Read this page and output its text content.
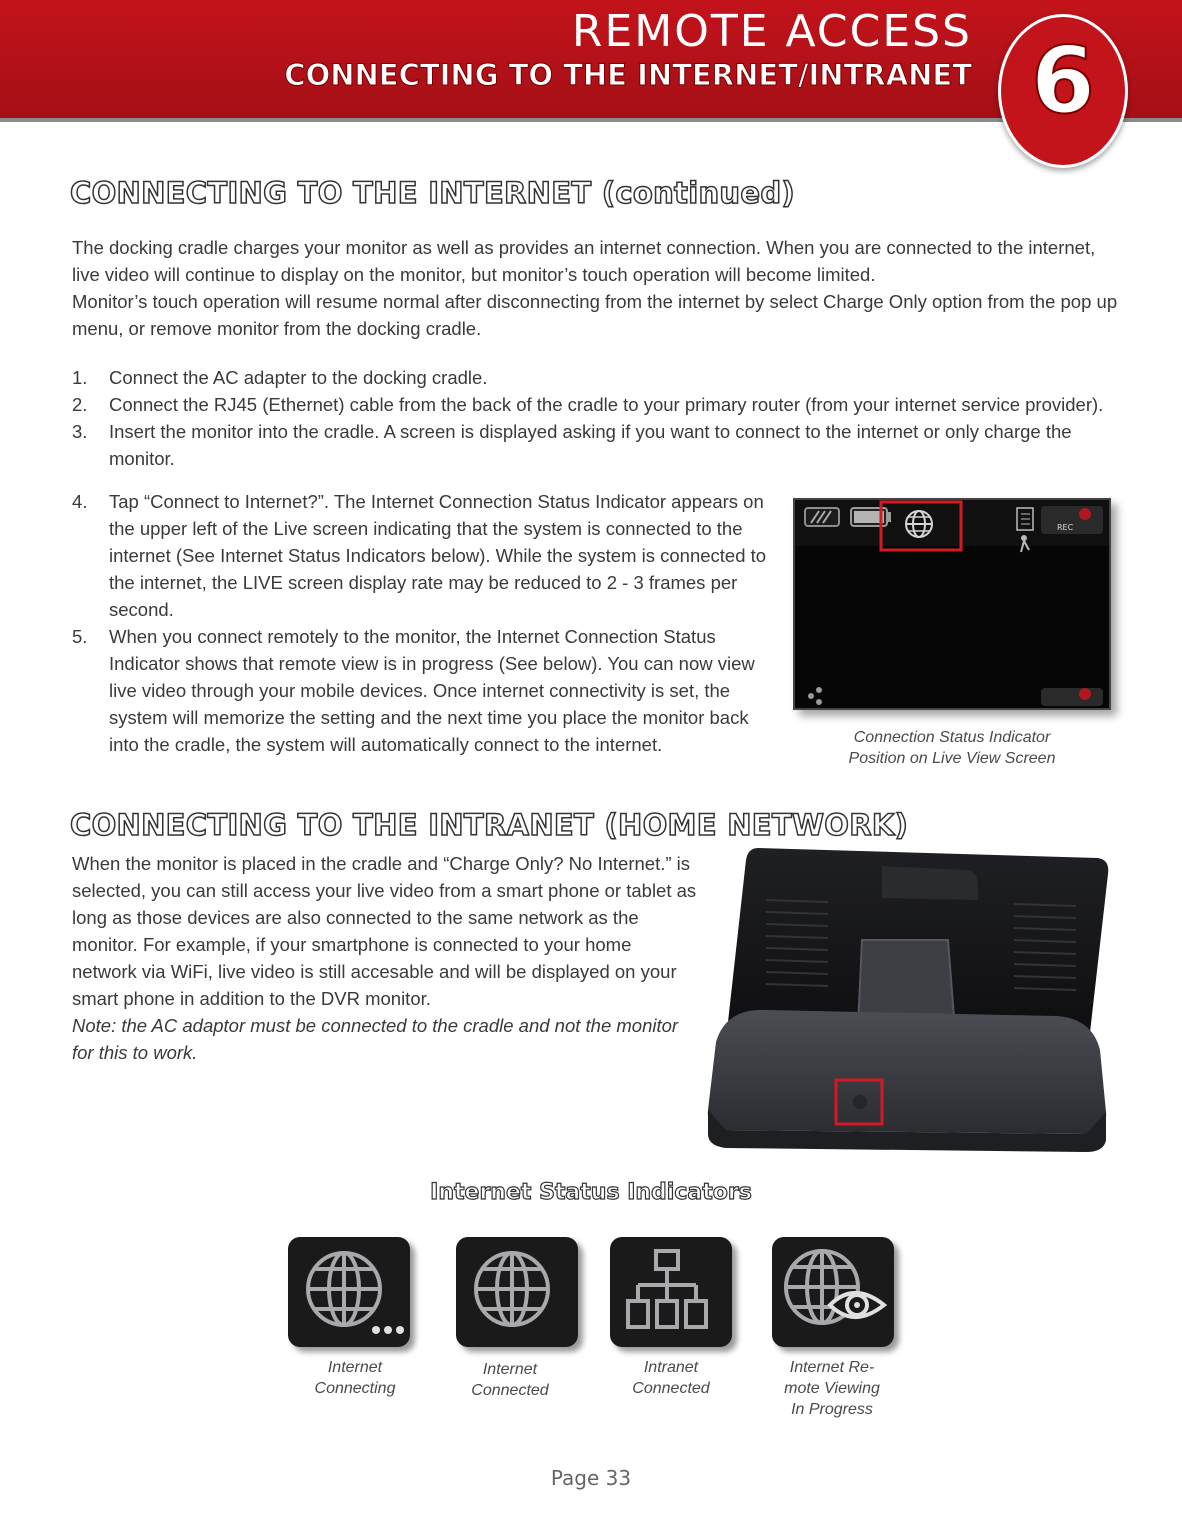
REMOTE ACCESS
CONNECTING TO THE INTERNET/INTRANET 6
CONNECTING TO THE INTERNET (continued)

The docking cradle charges your monitor as well as provides an internet connection. When you are connected to the internet, live video will continue to display on the monitor, but monitor’s touch operation will become limited.

Monitor’s touch operation will resume normal after disconnecting from the internet by select Charge Only option from the pop up menu, or remove monitor from the docking cradle.

1. Connect the AC adapter to the docking cradle.
2. Connect the RJ45 (Ethernet) cable from the back of the cradle to your primary router (from your internet service provider).
3. Insert the monitor into the cradle. A screen is displayed asking if you want to connect to the internet or only charge the monitor.
4. Tap “Connect to Internet?”. The Internet Connection Status Indicator appears on the upper left of the Live screen indicating that the system is connected to the internet (See Internet Status Indicators below). While the system is connected to the internet, the LIVE screen display rate may be reduced to 2 - 3 frames per second.
5. When you connect remotely to the monitor, the Internet Connection Status Indicator shows that remote view is in progress (See below). You can now view live video through your mobile devices. Once internet connectivity is set, the system will memorize the setting and the next time you place the monitor back into the cradle, the system will automatically connect to the internet.
REC
Connection Status Indicator
Position on Live View Screen
CONNECTING TO THE INTRANET (HOME NETWORK)

When the monitor is placed in the cradle and “Charge Only? No Internet.” is selected, you can still access your live video from a smart phone or tablet as long as those devices are also connected to the same network as the monitor. For example, if your smartphone is connected to your home network via WiFi, live video is still accesable and will be displayed on your smart phone in addition to the DVR monitor.

Note: the AC adaptor must be connected to the cradle and not the monitor for this to work.

Internet Status Indicators
Internet
Connecting
Internet
Connected
Intranet
Connected
Internet Re-
mote Viewing
In Progress
Page 33
